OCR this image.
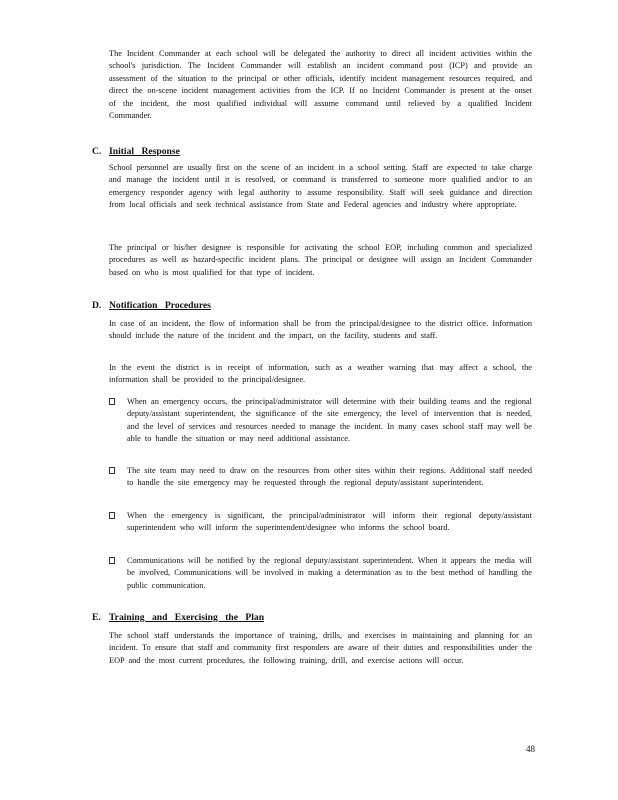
The Incident Commander at each school will be delegated the authority to direct all incident activities within the school's jurisdiction. The Incident Commander will establish an incident command post (ICP) and provide an assessment of the situation to the principal or other officials, identify incident management resources required, and direct the on-scene incident management activities from the ICP. If no Incident Commander is present at the onset of the incident, the most qualified individual will assume command until relieved by a qualified Incident Commander.
C. Initial Response
School personnel are usually first on the scene of an incident in a school setting. Staff are expected to take charge and manage the incident until it is resolved, or command is transferred to someone more qualified and/or to an emergency responder agency with legal authority to assume responsibility. Staff will seek guidance and direction from local officials and seek technical assistance from State and Federal agencies and industry where appropriate.
The principal or his/her designee is responsible for activating the school EOP, including common and specialized procedures as well as hazard-specific incident plans. The principal or designee will assign an Incident Commander based on who is most qualified for that type of incident.
D. Notification Procedures
In case of an incident, the flow of information shall be from the principal/designee to the district office. Information should include the nature of the incident and the impact, on the facility, students and staff.
In the event the district is in receipt of information, such as a weather warning that may affect a school, the information shall be provided to the principal/designee.
When an emergency occurs, the principal/administrator will determine with their building teams and the regional deputy/assistant superintendent, the significance of the site emergency, the level of intervention that is needed, and the level of services and resources needed to manage the incident. In many cases school staff may well be able to handle the situation or may need additional assistance.
The site team may need to draw on the resources from other sites within their regions. Additional staff needed to handle the site emergency may be requested through the regional deputy/assistant superintendent.
When the emergency is significant, the principal/administrator will inform their regional deputy/assistant superintendent who will inform the superintendent/designee who informs the school board.
Communications will be notified by the regional deputy/assistant superintendent. When it appears the media will be involved, Communications will be involved in making a determination as to the best method of handling the public communication.
E. Training and Exercising the Plan
The school staff understands the importance of training, drills, and exercises in maintaining and planning for an incident. To ensure that staff and community first responders are aware of their duties and responsibilities under the EOP and the most current procedures, the following training, drill, and exercise actions will occur.
48
